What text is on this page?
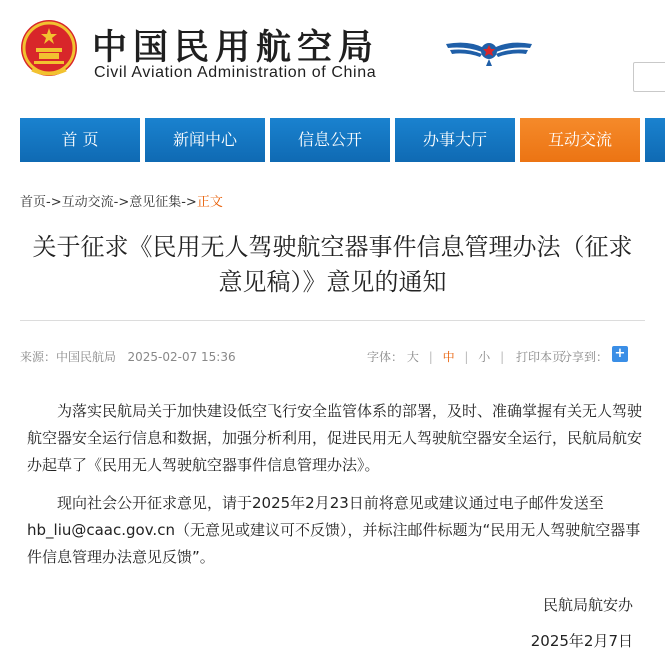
中国民用航空局
Civil Aviation Administration of China
首 页	新闻中心	信息公开	办事大厅	互动交流
首页->互动交流->意见征集->正文
关于征求《民用无人驾驶航空器事件信息管理办法（征求
意见稿）》意见的通知
来源：中国民航局 2025-02-07 15:36	字体： 大 | 中 | 小 | 打印本页
分享到： +

为落实民航局关于加快建设低空飞行安全监管体系的部署，及时、准确掌握有关无人驾驶航空器安全运行信息和数据，加强分析利用，促进民用无人驾驶航空器安全运行，民航局航安办起草了《民用无人驾驶航空器事件信息管理办法》。

现向社会公开征求意见，请于2025年2月23日前将意见或建议通过电子邮件发送至hb_liu@caac.gov.cn（无意见或建议可不反馈），并标注邮件标题为“民用无人驾驶航空器事件信息管理办法意见反馈”。

民航局航安办
2025年2月7日
